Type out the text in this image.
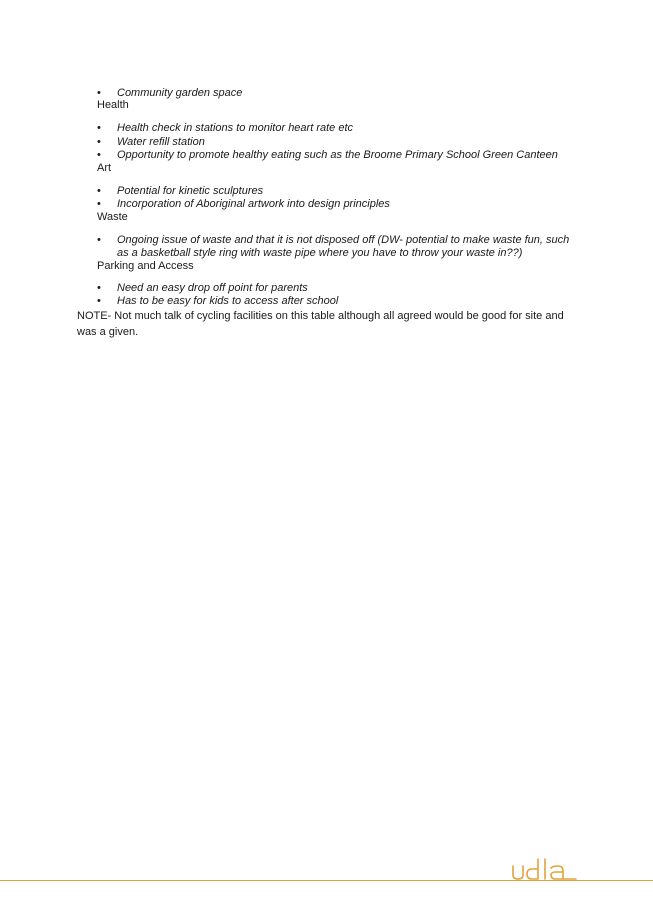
•	Community garden space
Health
•	Health check in stations to monitor heart rate etc
•	Water refill station
•	Opportunity to promote healthy eating such as the Broome Primary School Green Canteen
Art
•	Potential for kinetic sculptures
•	Incorporation of Aboriginal artwork into design principles
Waste
•	Ongoing issue of waste and that it is not disposed off (DW- potential to make waste fun, such
as a basketball style ring with waste pipe where you have to throw your waste in??)
Parking and Access
•	Need an easy drop off point for parents
•	Has to be easy for kids to access after school
NOTE- Not much talk of cycling facilities on this table although all agreed would be good for site and was a given.
